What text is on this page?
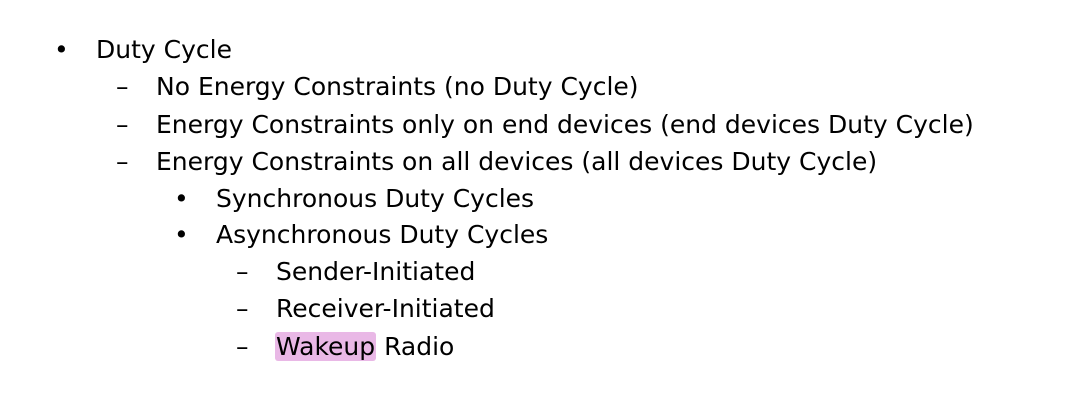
• Duty Cycle
– No Energy Constraints (no Duty Cycle)
– Energy Constraints only on end devices (end devices Duty Cycle)
– Energy Constraints on all devices (all devices Duty Cycle)
• Synchronous Duty Cycles
• Asynchronous Duty Cycles
– Sender-Initiated
– Receiver-Initiated
– Wakeup Radio
